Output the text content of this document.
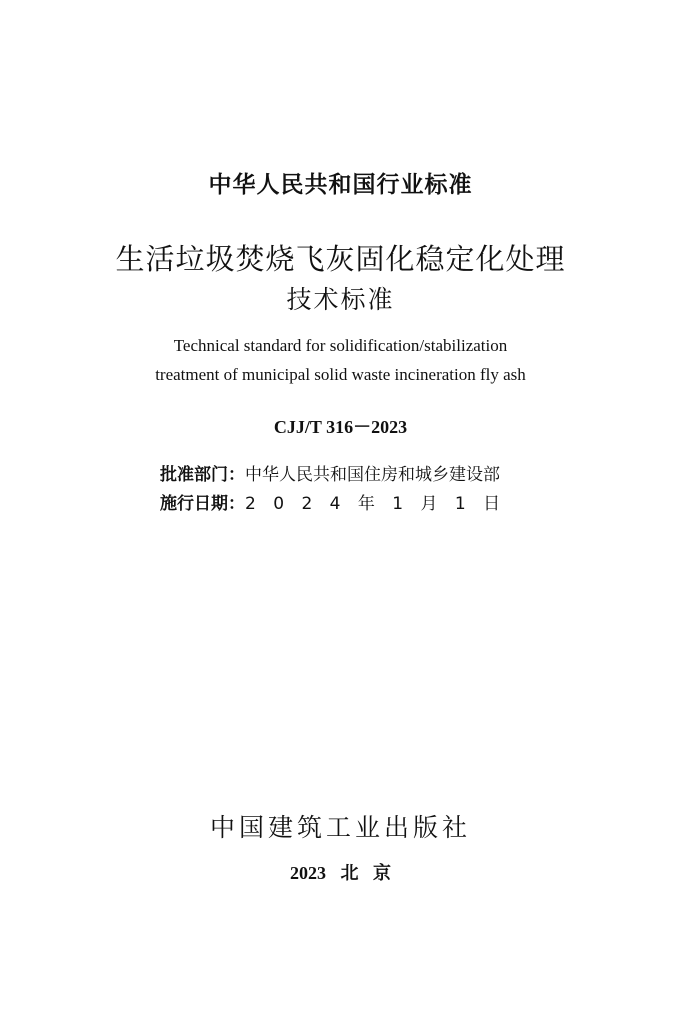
中华人民共和国行业标准
生活垃圾焚烧飞灰固化稳定化处理
技术标准
Technical standard for solidification/stabilization
treatment of municipal solid waste incineration fly ash
CJJ/T 316－2023
批准部门：中华人民共和国住房和城乡建设部
施行日期：2 0 2 4 年 1 月 1 日
中国建筑工业出版社
2023 北 京
